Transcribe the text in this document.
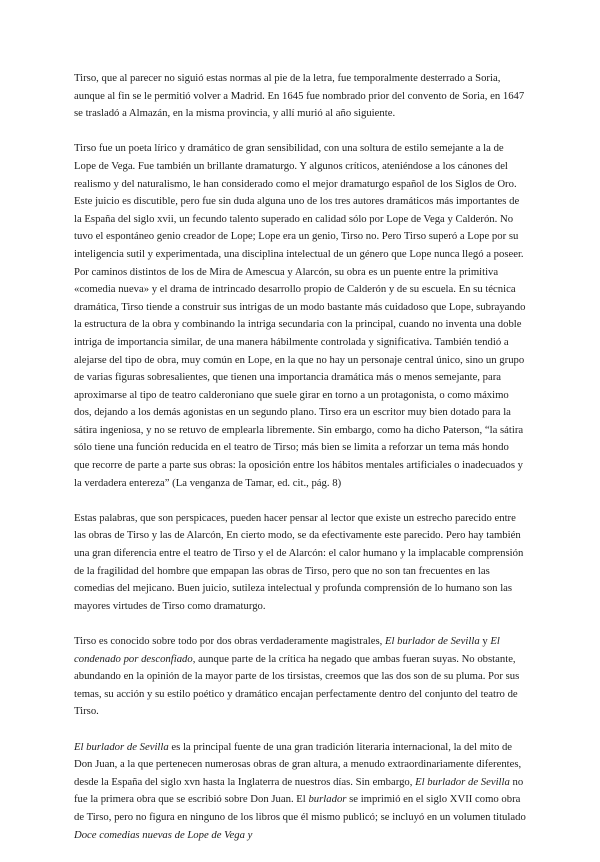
Tirso, que al parecer no siguió estas normas al pie de la letra, fue temporalmente desterrado a Soria, aunque al fin se le permitió volver a Madrid. En 1645 fue nombrado prior del convento de Soria, en 1647 se trasladó a Almazán, en la misma provincia, y allí murió al año siguiente.

Tirso fue un poeta lírico y dramático de gran sensibilidad, con una soltura de estilo semejante a la de Lope de Vega. Fue también un brillante dramaturgo. Y algunos críticos, ateniéndose a los cánones del realismo y del naturalismo, le han considerado como el mejor dramaturgo español de los Siglos de Oro. Este juicio es discutible, pero fue sin duda alguna uno de los tres autores dramáticos más importantes de la España del siglo xvii, un fecundo talento superado en calidad sólo por Lope de Vega y Calderón. No tuvo el espontáneo genio creador de Lope; Lope era un genio, Tirso no. Pero Tirso superó a Lope por su inteligencia sutil y experimentada, una disciplina intelectual de un género que Lope nunca llegó a poseer. Por caminos distintos de los de Mira de Amescua y Alarcón, su obra es un puente entre la primitiva «comedia nueva» y el drama de intrincado desarrollo propio de Calderón y de su escuela. En su técnica dramática, Tirso tiende a construir sus intrigas de un modo bastante más cuidadoso que Lope, subrayando la estructura de la obra y combinando la intriga secundaria con la principal, cuando no inventa una doble intriga de importancia similar, de una manera hábilmente controlada y significativa. También tendió a alejarse del tipo de obra, muy común en Lope, en la que no hay un personaje central único, sino un grupo de varias figuras sobresalientes, que tienen una importancia dramática más o menos semejante, para aproximarse al tipo de teatro calderoniano que suele girar en torno a un protagonista, o como máximo dos, dejando a los demás agonistas en un segundo plano. Tirso era un escritor muy bien dotado para la sátira ingeniosa, y no se retuvo de emplearla libremente. Sin embargo, como ha dicho Paterson, “la sátira sólo tiene una función reducida en el teatro de Tirso; más bien se limita a reforzar un tema más hondo que recorre de parte a parte sus obras: la oposición entre los hábitos mentales artificiales o inadecuados y la verdadera entereza” (La venganza de Tamar, ed. cit., pág. 8)

Estas palabras, que son perspicaces, pueden hacer pensar al lector que existe un estrecho parecido entre las obras de Tirso y las de Alarcón, En cierto modo, se da efectivamente este parecido. Pero hay también una gran diferencia entre el teatro de Tirso y el de Alarcón: el calor humano y la implacable comprensión de la fragilidad del hombre que empapan las obras de Tirso, pero que no son tan frecuentes en las comedias del mejicano. Buen juicio, sutileza intelectual y profunda comprensión de lo humano son las mayores virtudes de Tirso como dramaturgo.

Tirso es conocido sobre todo por dos obras verdaderamente magistrales, El burlador de Sevilla y El condenado por desconfiado, aunque parte de la crítica ha negado que ambas fueran suyas. No obstante, abundando en la opinión de la mayor parte de los tirsistas, creemos que las dos son de su pluma. Por sus temas, su acción y su estilo poético y dramático encajan perfectamente dentro del conjunto del teatro de Tirso.

El burlador de Sevilla es la principal fuente de una gran tradición literaria internacional, la del mito de Don Juan, a la que pertenecen numerosas obras de gran altura, a menudo extraordinariamente diferentes, desde la España del siglo xvn hasta la Inglaterra de nuestros días. Sin embargo, El burlador de Sevilla no fue la primera obra que se escribió sobre Don Juan. El burlador se imprimió en el siglo XVII como obra de Tirso, pero no figura en ninguno de los libros que él mismo publicó; se incluyó en un volumen titulado Doce comedias nuevas de Lope de Vega y
